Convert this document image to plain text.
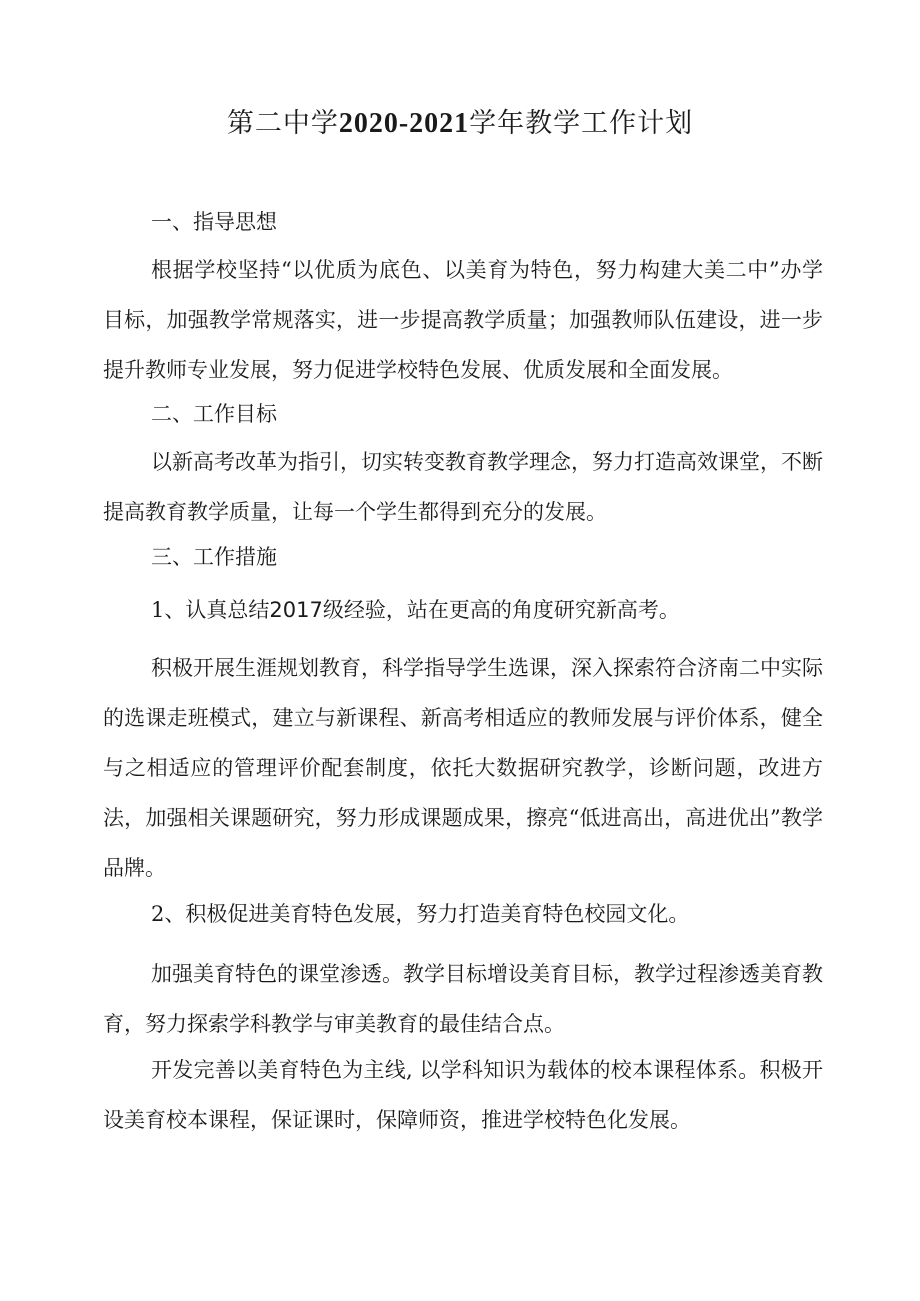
第二中学2020-2021学年教学工作计划

一、指导思想

根据学校坚持“以优质为底色、以美育为特色，努力构建大美二中”办学目标，加强教学常规落实，进一步提高教学质量；加强教师队伍建设，进一步提升教师专业发展，努力促进学校特色发展、优质发展和全面发展。

二、工作目标

以新高考改革为指引，切实转变教育教学理念，努力打造高效课堂，不断提高教育教学质量，让每一个学生都得到充分的发展。

三、工作措施

1、认真总结2017级经验，站在更高的角度研究新高考。

积极开展生涯规划教育，科学指导学生选课，深入探索符合济南二中实际的选课走班模式，建立与新课程、新高考相适应的教师发展与评价体系，健全与之相适应的管理评价配套制度，依托大数据研究教学，诊断问题，改进方法，加强相关课题研究，努力形成课题成果，擦亮“低进高出，高进优出”教学品牌。

2、积极促进美育特色发展，努力打造美育特色校园文化。

加强美育特色的课堂渗透。教学目标增设美育目标，教学过程渗透美育教育，努力探索学科教学与审美教育的最佳结合点。

开发完善以美育特色为主线, 以学科知识为载体的校本课程体系。积极开设美育校本课程，保证课时，保障师资，推进学校特色化发展。
